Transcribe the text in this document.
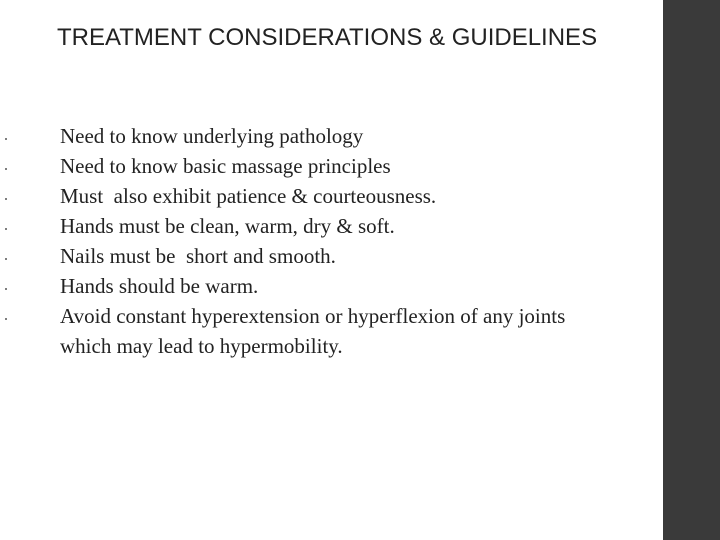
TREATMENT CONSIDERATIONS & GUIDELINES
Need to know underlying pathology
Need to know basic massage principles
Must  also exhibit patience & courteousness.
Hands must be clean, warm, dry & soft.
Nails must be  short and smooth.
Hands should be warm.
Avoid constant hyperextension or hyperflexion of any joints which may lead to hypermobility.
